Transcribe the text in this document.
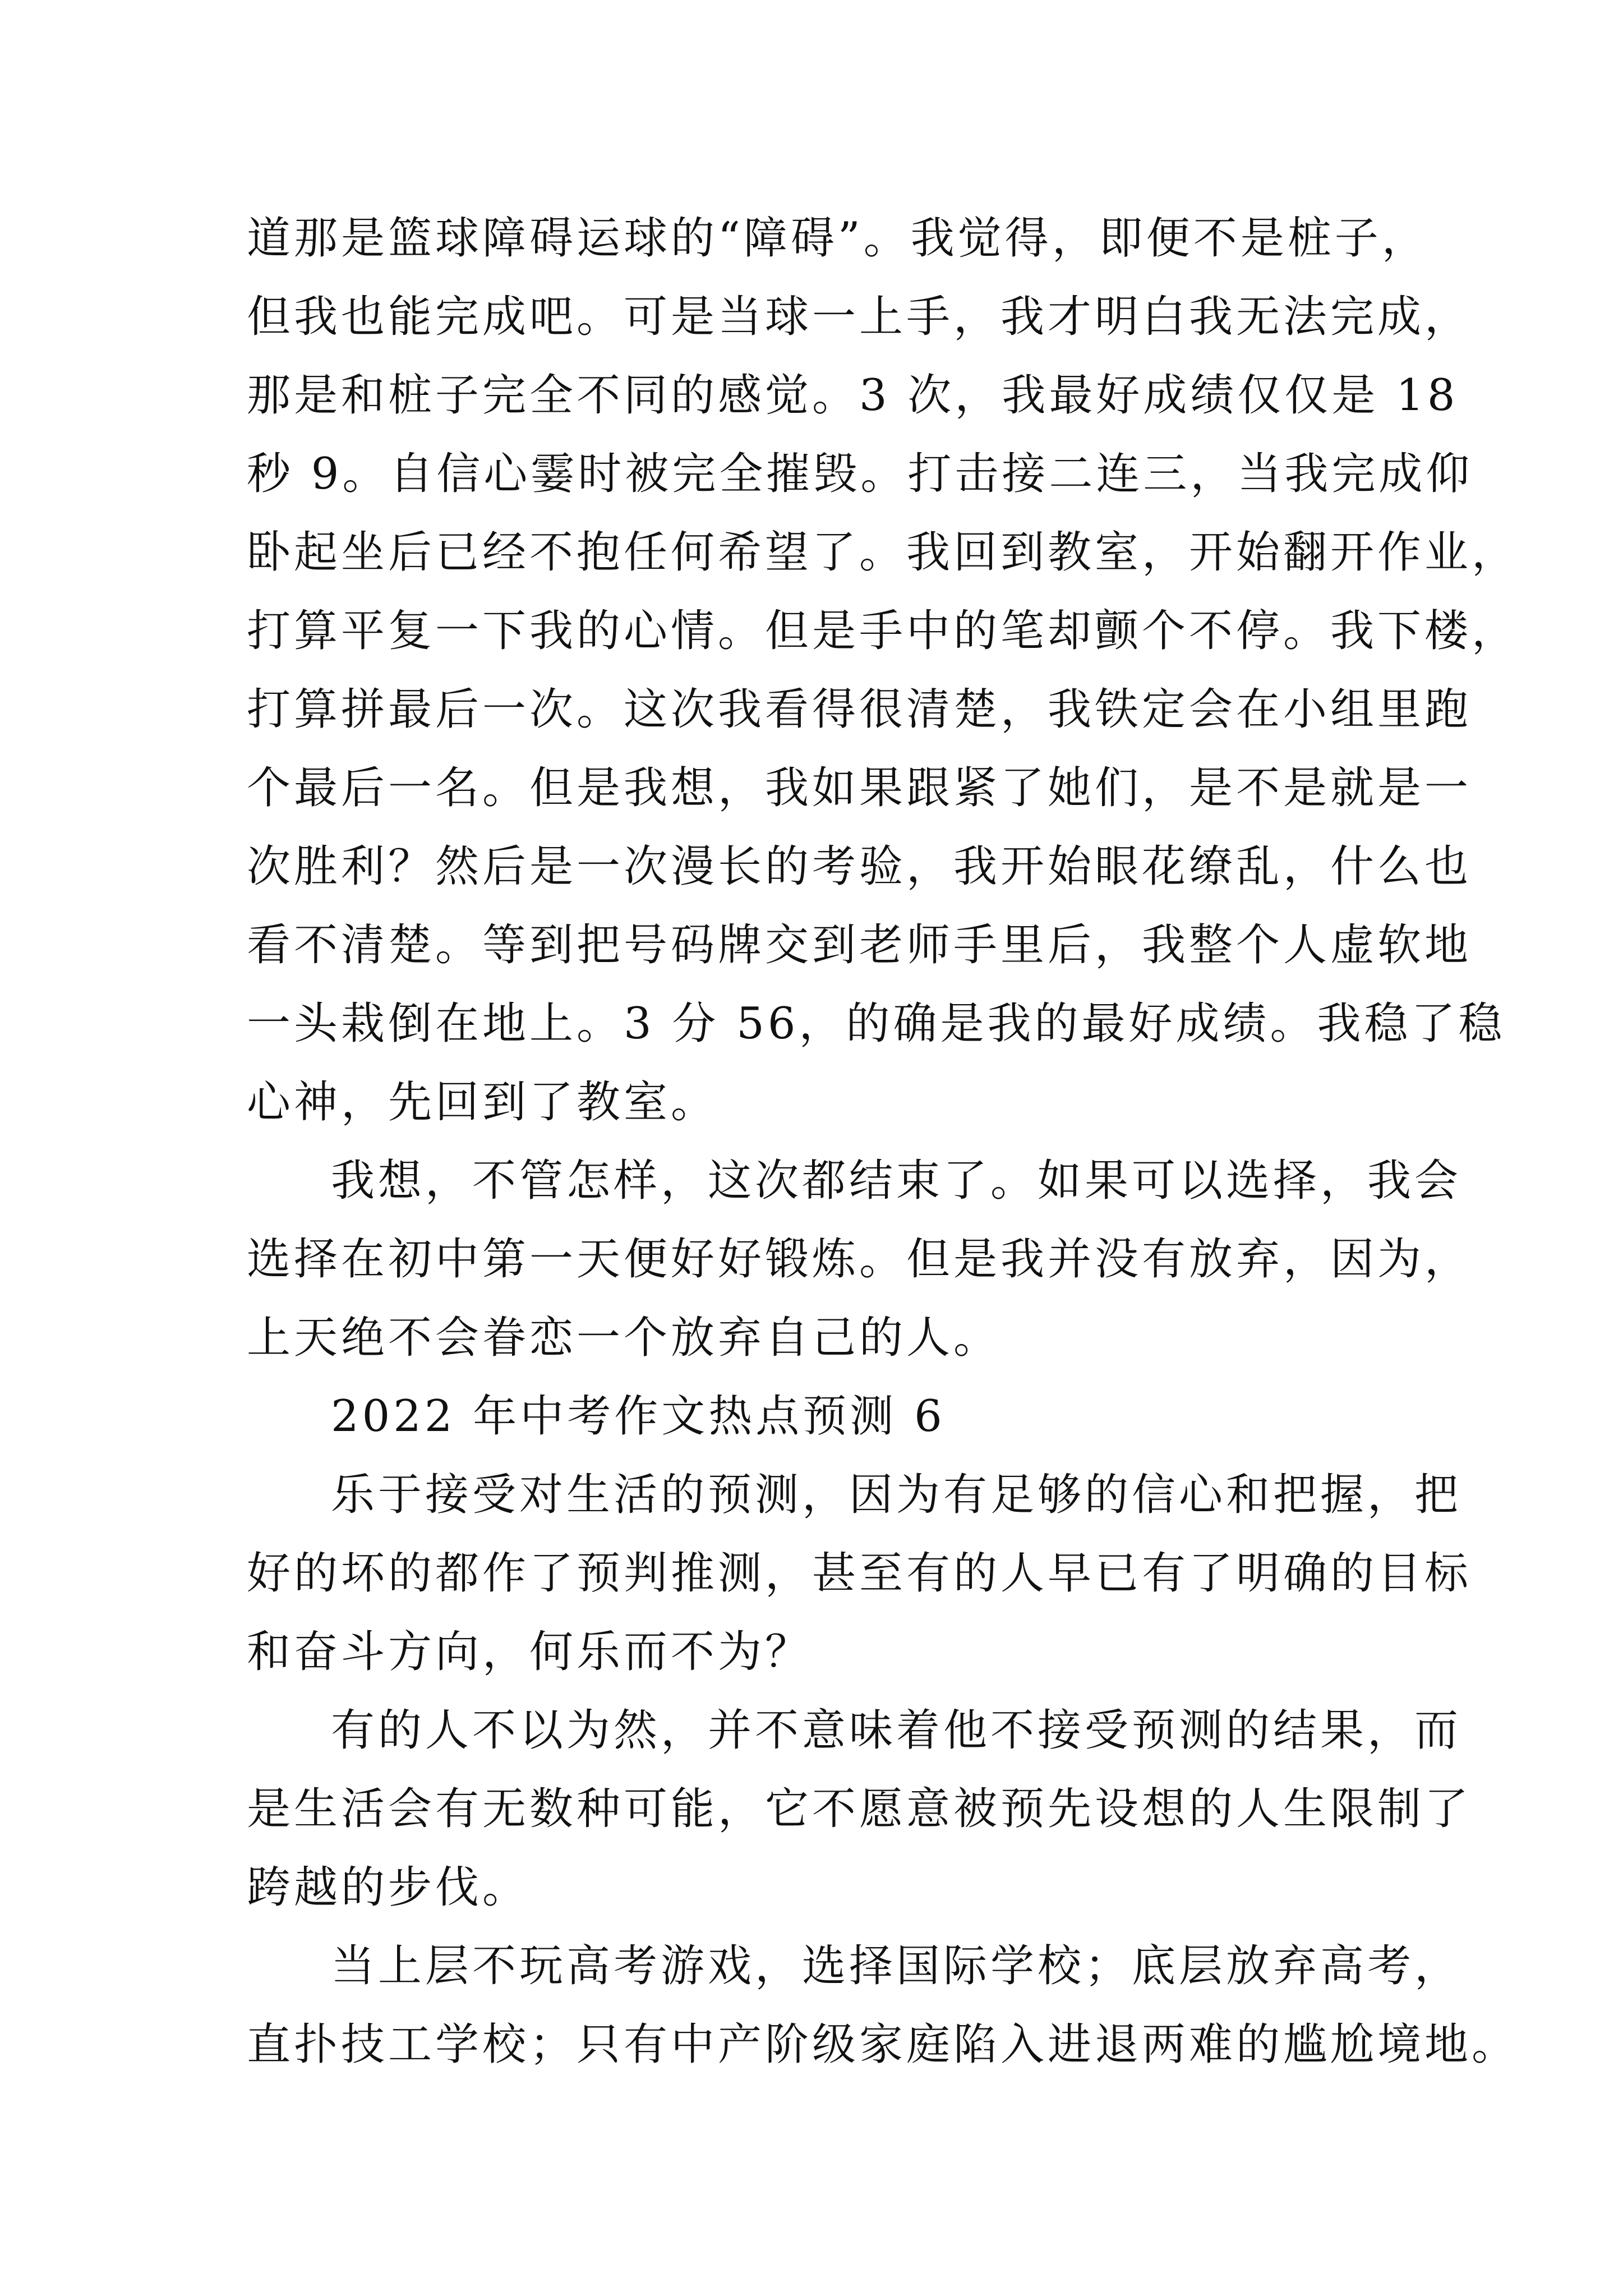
道那是篮球障碍运球的“障碍”。我觉得，即便不是桩子，
但我也能完成吧。可是当球一上手，我才明白我无法完成，
那是和桩子完全不同的感觉。3 次，我最好成绩仅仅是 18
秒 9。自信心霎时被完全摧毁。打击接二连三，当我完成仰
卧起坐后已经不抱任何希望了。我回到教室，开始翻开作业，
打算平复一下我的心情。但是手中的笔却颤个不停。我下楼，
打算拼最后一次。这次我看得很清楚，我铁定会在小组里跑
个最后一名。但是我想，我如果跟紧了她们，是不是就是一
次胜利？然后是一次漫长的考验，我开始眼花缭乱，什么也
看不清楚。等到把号码牌交到老师手里后，我整个人虚软地
一头栽倒在地上。3 分 56，的确是我的最好成绩。我稳了稳
心神，先回到了教室。
我想，不管怎样，这次都结束了。如果可以选择，我会
选择在初中第一天便好好锻炼。但是我并没有放弃，因为，
上天绝不会眷恋一个放弃自己的人。
2022 年中考作文热点预测 6
乐于接受对生活的预测，因为有足够的信心和把握，把
好的坏的都作了预判推测，甚至有的人早已有了明确的目标
和奋斗方向，何乐而不为？
有的人不以为然，并不意味着他不接受预测的结果，而
是生活会有无数种可能，它不愿意被预先设想的人生限制了
跨越的步伐。
当上层不玩高考游戏，选择国际学校；底层放弃高考，
直扑技工学校；只有中产阶级家庭陷入进退两难的尴尬境地。
